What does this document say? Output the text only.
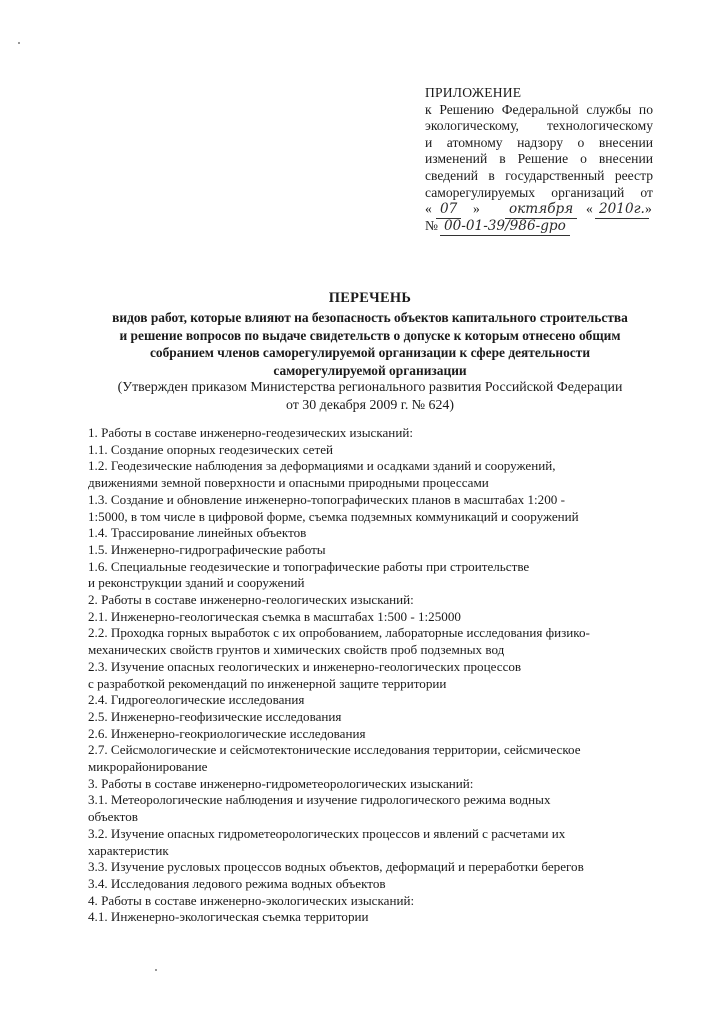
ПРИЛОЖЕНИЕ
к Решению Федеральной службы по
экологическому, технологическому
и атомному надзору о внесении
изменений в Решение о внесении
сведений в государственный реестр
саморегулируемых организаций от
« 07 » октября « 2010г. »
№ 00-01-39/986-gpo
ПЕРЕЧЕНЬ
видов работ, которые влияют на безопасность объектов капитального строительства
и решение вопросов по выдаче свидетельств о допуске к которым отнесено общим
собранием членов саморегулируемой организации к сфере деятельности
саморегулируемой организации
(Утвержден приказом Министерства регионального развития Российской Федерации
от 30 декабря 2009 г. № 624)
1. Работы в составе инженерно-геодезических изысканий:
1.1. Создание опорных геодезических сетей
1.2. Геодезические наблюдения за деформациями и осадками зданий и сооружений,
движениями земной поверхности и опасными природными процессами
1.3. Создание и обновление инженерно-топографических планов в масштабах 1:200 -
1:5000, в том числе в цифровой форме, съемка подземных коммуникаций и сооружений
1.4. Трассирование линейных объектов
1.5. Инженерно-гидрографические работы
1.6. Специальные геодезические и топографические работы при строительстве
и реконструкции зданий и сооружений
2. Работы в составе инженерно-геологических изысканий:
2.1. Инженерно-геологическая съемка в масштабах 1:500 - 1:25000
2.2. Проходка горных выработок с их опробованием, лабораторные исследования физико-
механических свойств грунтов и химических свойств проб подземных вод
2.3. Изучение опасных геологических и инженерно-геологических процессов
с разработкой рекомендаций по инженерной защите территории
2.4. Гидрогеологические исследования
2.5. Инженерно-геофизические исследования
2.6. Инженерно-геокриологические исследования
2.7. Сейсмологические и сейсмотектонические исследования территории, сейсмическое
микрорайонирование
3. Работы в составе инженерно-гидрометеорологических изысканий:
3.1. Метеорологические наблюдения и изучение гидрологического режима водных
объектов
3.2. Изучение опасных гидрометеорологических процессов и явлений с расчетами их
характеристик
3.3. Изучение русловых процессов водных объектов, деформаций и переработки берегов
3.4. Исследования ледового режима водных объектов
4. Работы в составе инженерно-экологических изысканий:
4.1. Инженерно-экологическая съемка территории
